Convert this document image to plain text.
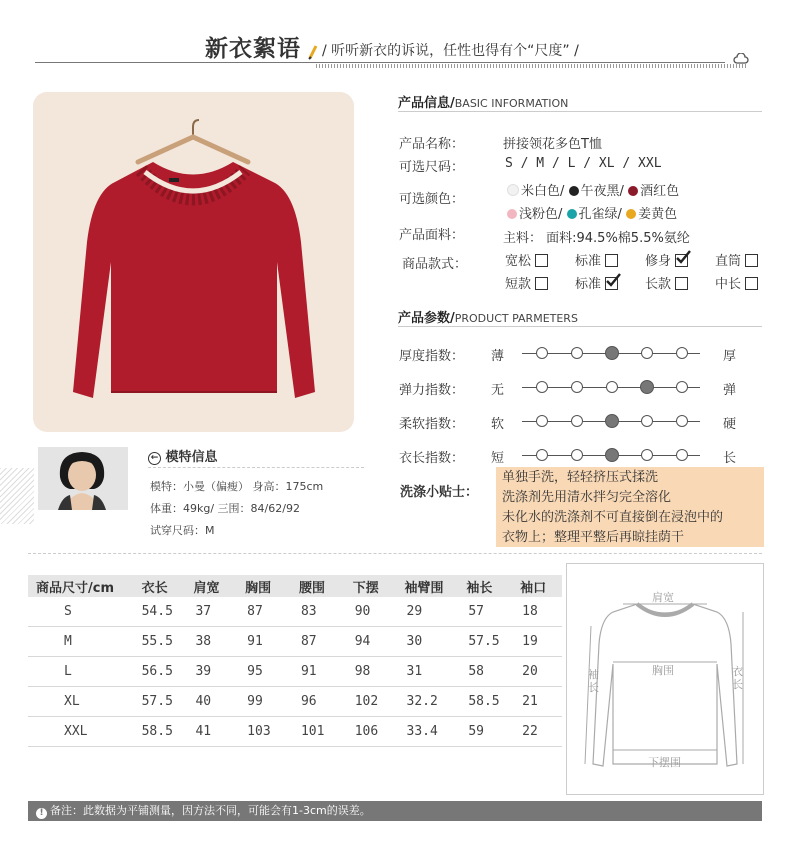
新衣絮语 / 听听新衣的诉说，任性也得有个“尺度” /
产品信息/BASIC INFORMATION
产品名称：	拼接领花多色T恤
可选尺码：	S / M / L / XL / XXL
可选颜色：
米白色/ 午夜黑/ 酒红色
浅粉色/ 孔雀绿/ 姜黄色
产品面料：	主料： 面料:94.5%棉5.5%氨纶
商品款式：	宽松	标准	修身	直筒
短款	标准	长款	中长
产品参数/PRODUCT PARMETERS
厚度指数： 薄	厚
弹力指数： 无	弹
柔软指数： 软	硬
衣长指数： 短	长
洗涤小贴士：
单独手洗，轻轻挤压式揉洗
洗涤剂先用清水拌匀完全溶化
未化水的洗涤剂不可直接倒在浸泡中的
衣物上；整理平整后再晾挂荫干
← 模特信息
模特：小曼（偏瘦） 身高：175cm
体重：49kg/ 三围：84/62/92
试穿尺码：M
商品尺寸/cm	衣长	肩宽	胸围	腰围	下摆	袖臂围	袖长	袖口
S	54.5	37	87	83	90	29	57	18
M	55.5	38	91	87	94	30	57.5	19
L	56.5	39	95	91	98	31	58	20
XL	57.5	40	99	96	102	32.2	58.5	21
XXL	58.5	41	103	101	106	33.4	59	22
肩宽
胸围
袖长
衣长
下摆围
! 备注：此数据为平铺测量，因方法不同，可能会有1-3cm的误差。
